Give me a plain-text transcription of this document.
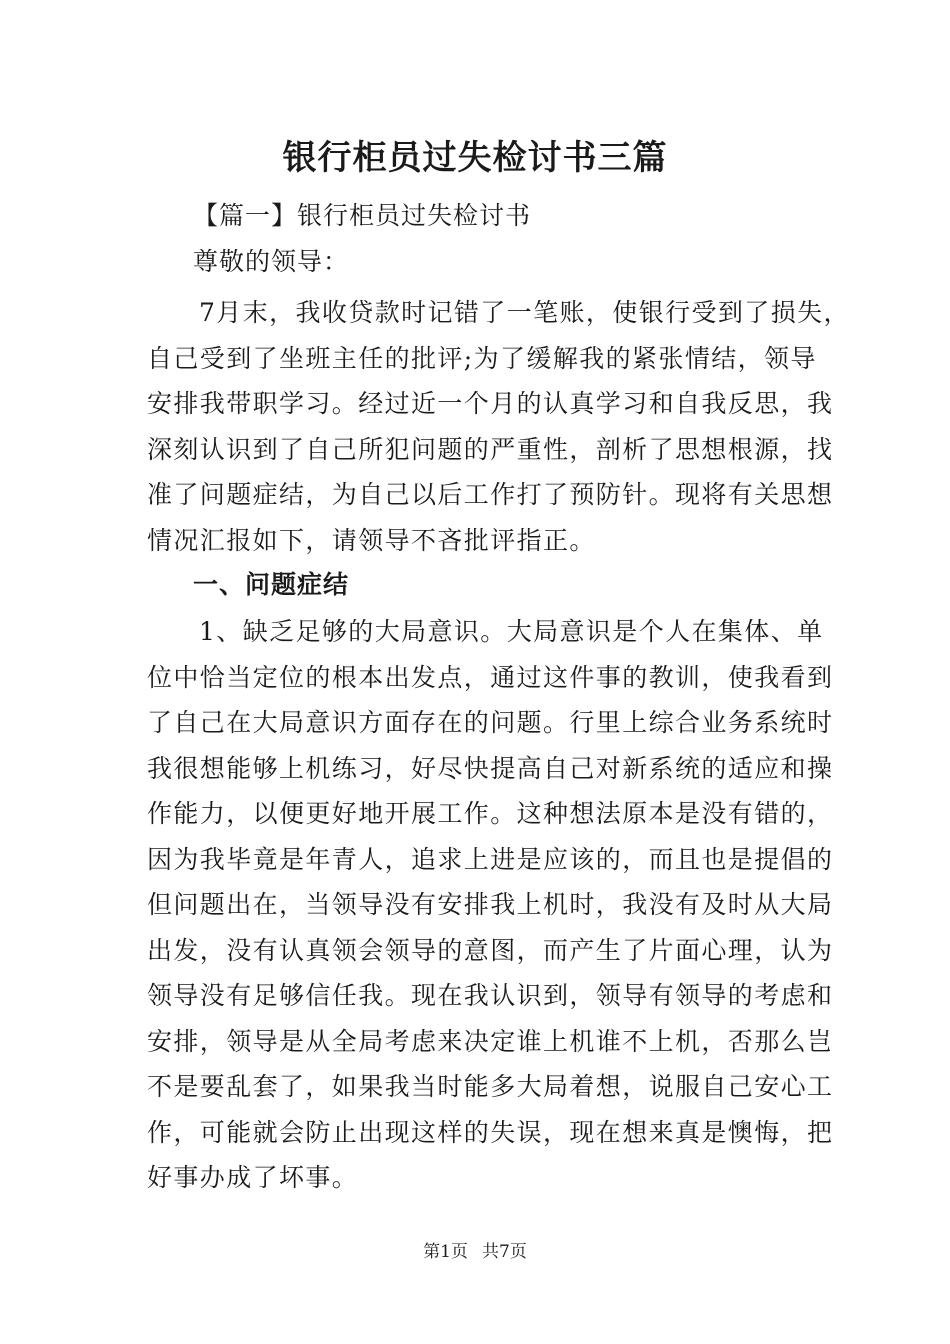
银行柜员过失检讨书三篇

【篇一】银行柜员过失检讨书

尊敬的领导：

7月末，我收贷款时记错了一笔账，使银行受到了损失，
自己受到了坐班主任的批评;为了缓解我的紧张情结，领导
安排我带职学习。经过近一个月的认真学习和自我反思，我
深刻认识到了自己所犯问题的严重性，剖析了思想根源，找
准了问题症结，为自己以后工作打了预防针。现将有关思想
情况汇报如下，请领导不吝批评指正。

一、问题症结

1、缺乏足够的大局意识。大局意识是个人在集体、单
位中恰当定位的根本出发点，通过这件事的教训，使我看到
了自己在大局意识方面存在的问题。行里上综合业务系统时
我很想能够上机练习，好尽快提高自己对新系统的适应和操
作能力，以便更好地开展工作。这种想法原本是没有错的，
因为我毕竟是年青人，追求上进是应该的，而且也是提倡的
但问题出在，当领导没有安排我上机时，我没有及时从大局
出发，没有认真领会领导的意图，而产生了片面心理，认为
领导没有足够信任我。现在我认识到，领导有领导的考虑和
安排，领导是从全局考虑来决定谁上机谁不上机，否那么岂
不是要乱套了，如果我当时能多大局着想，说服自己安心工
作，可能就会防止出现这样的失误，现在想来真是懊悔，把
好事办成了坏事。

第1页 共7页
